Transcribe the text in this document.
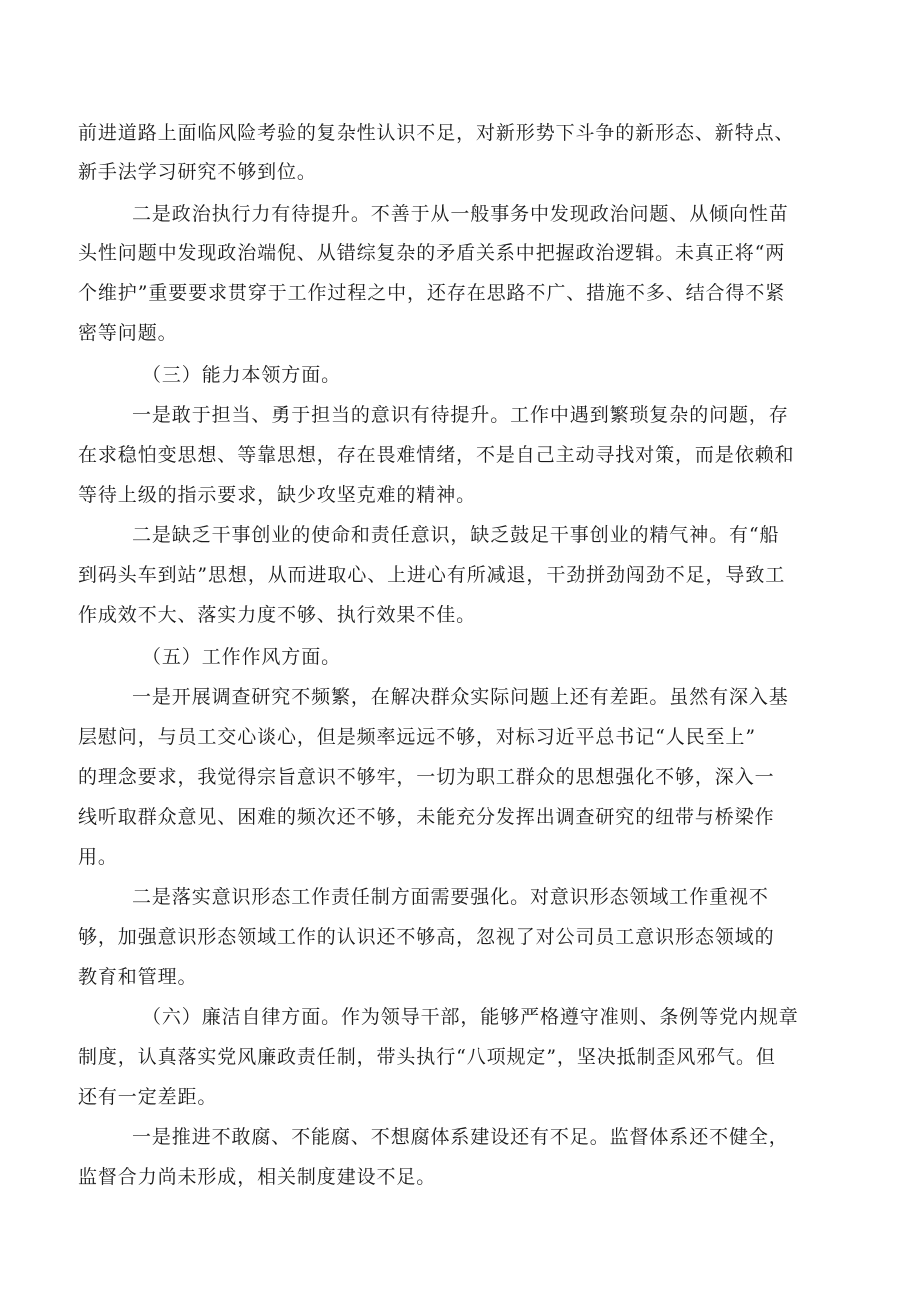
前进道路上面临风险考验的复杂性认识不足，对新形势下斗争的新形态、新特点、

新手法学习研究不够到位。

二是政治执行力有待提升。不善于从一般事务中发现政治问题、从倾向性苗

头性问题中发现政治端倪、从错综复杂的矛盾关系中把握政治逻辑。未真正将“两

个维护”重要要求贯穿于工作过程之中，还存在思路不广、措施不多、结合得不紧

密等问题。

（三）能力本领方面。

一是敢于担当、勇于担当的意识有待提升。工作中遇到繁琐复杂的问题，存

在求稳怕变思想、等靠思想，存在畏难情绪，不是自己主动寻找对策，而是依赖和

等待上级的指示要求，缺少攻坚克难的精神。

二是缺乏干事创业的使命和责任意识，缺乏鼓足干事创业的精气神。有“船

到码头车到站”思想，从而进取心、上进心有所减退，干劲拼劲闯劲不足，导致工

作成效不大、落实力度不够、执行效果不佳。

（五）工作作风方面。

一是开展调查研究不频繁，在解决群众实际问题上还有差距。虽然有深入基

层慰问，与员工交心谈心，但是频率远远不够，对标习近平总书记“人民至上”

的理念要求，我觉得宗旨意识不够牢，一切为职工群众的思想强化不够，深入一

线听取群众意见、困难的频次还不够，未能充分发挥出调查研究的纽带与桥梁作

用。

二是落实意识形态工作责任制方面需要强化。对意识形态领域工作重视不

够，加强意识形态领域工作的认识还不够高，忽视了对公司员工意识形态领域的

教育和管理。

（六）廉洁自律方面。作为领导干部，能够严格遵守准则、条例等党内规章

制度，认真落实党风廉政责任制，带头执行“八项规定”，坚决抵制歪风邪气。但

还有一定差距。

一是推进不敢腐、不能腐、不想腐体系建设还有不足。监督体系还不健全，

监督合力尚未形成，相关制度建设不足。
